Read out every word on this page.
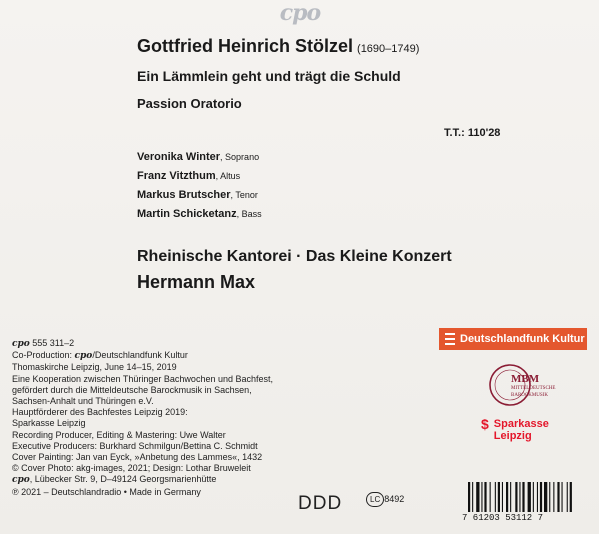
cpo
Gottfried Heinrich Stölzel (1690–1749)
Ein Lämmlein geht und trägt die Schuld
Passion Oratorio
T.T.: 110'28
Veronika Winter, Soprano
Franz Vitzthum, Altus
Markus Brutscher, Tenor
Martin Schicketanz, Bass
Rheinische Kantorei · Das Kleine Konzert
Hermann Max
cpo 555 311–2
Co-Production: cpo/Deutschlandfunk Kultur
Thomaskirche Leipzig, June 14–15, 2019
Eine Kooperation zwischen Thüringer Bachwochen und Bachfest,
gefördert durch die Mitteldeutsche Barockmusik in Sachsen,
Sachsen-Anhalt und Thüringen e.V.
Hauptförderer des Bachfestes Leipzig 2019:
Sparkasse Leipzig
Recording Producer, Editing & Mastering: Uwe Walter
Executive Producers: Burkhard Schmilgun/Bettina C. Schmidt
Cover Painting: Jan van Eyck, »Anbetung des Lammes«, 1432
© Cover Photo: akg-images, 2021; Design: Lothar Bruweleit
cpo, Lübecker Str. 9, D–49124 Georgsmarienhütte
℗ 2021 – Deutschlandradio • Made in Germany
DDD	LC 8492
Deutschlandfunk Kultur
MBM
MITTELDEUTSCHE
BAROCKMUSIK
$ Sparkasse
Leipzig
7 61203 53112 7
